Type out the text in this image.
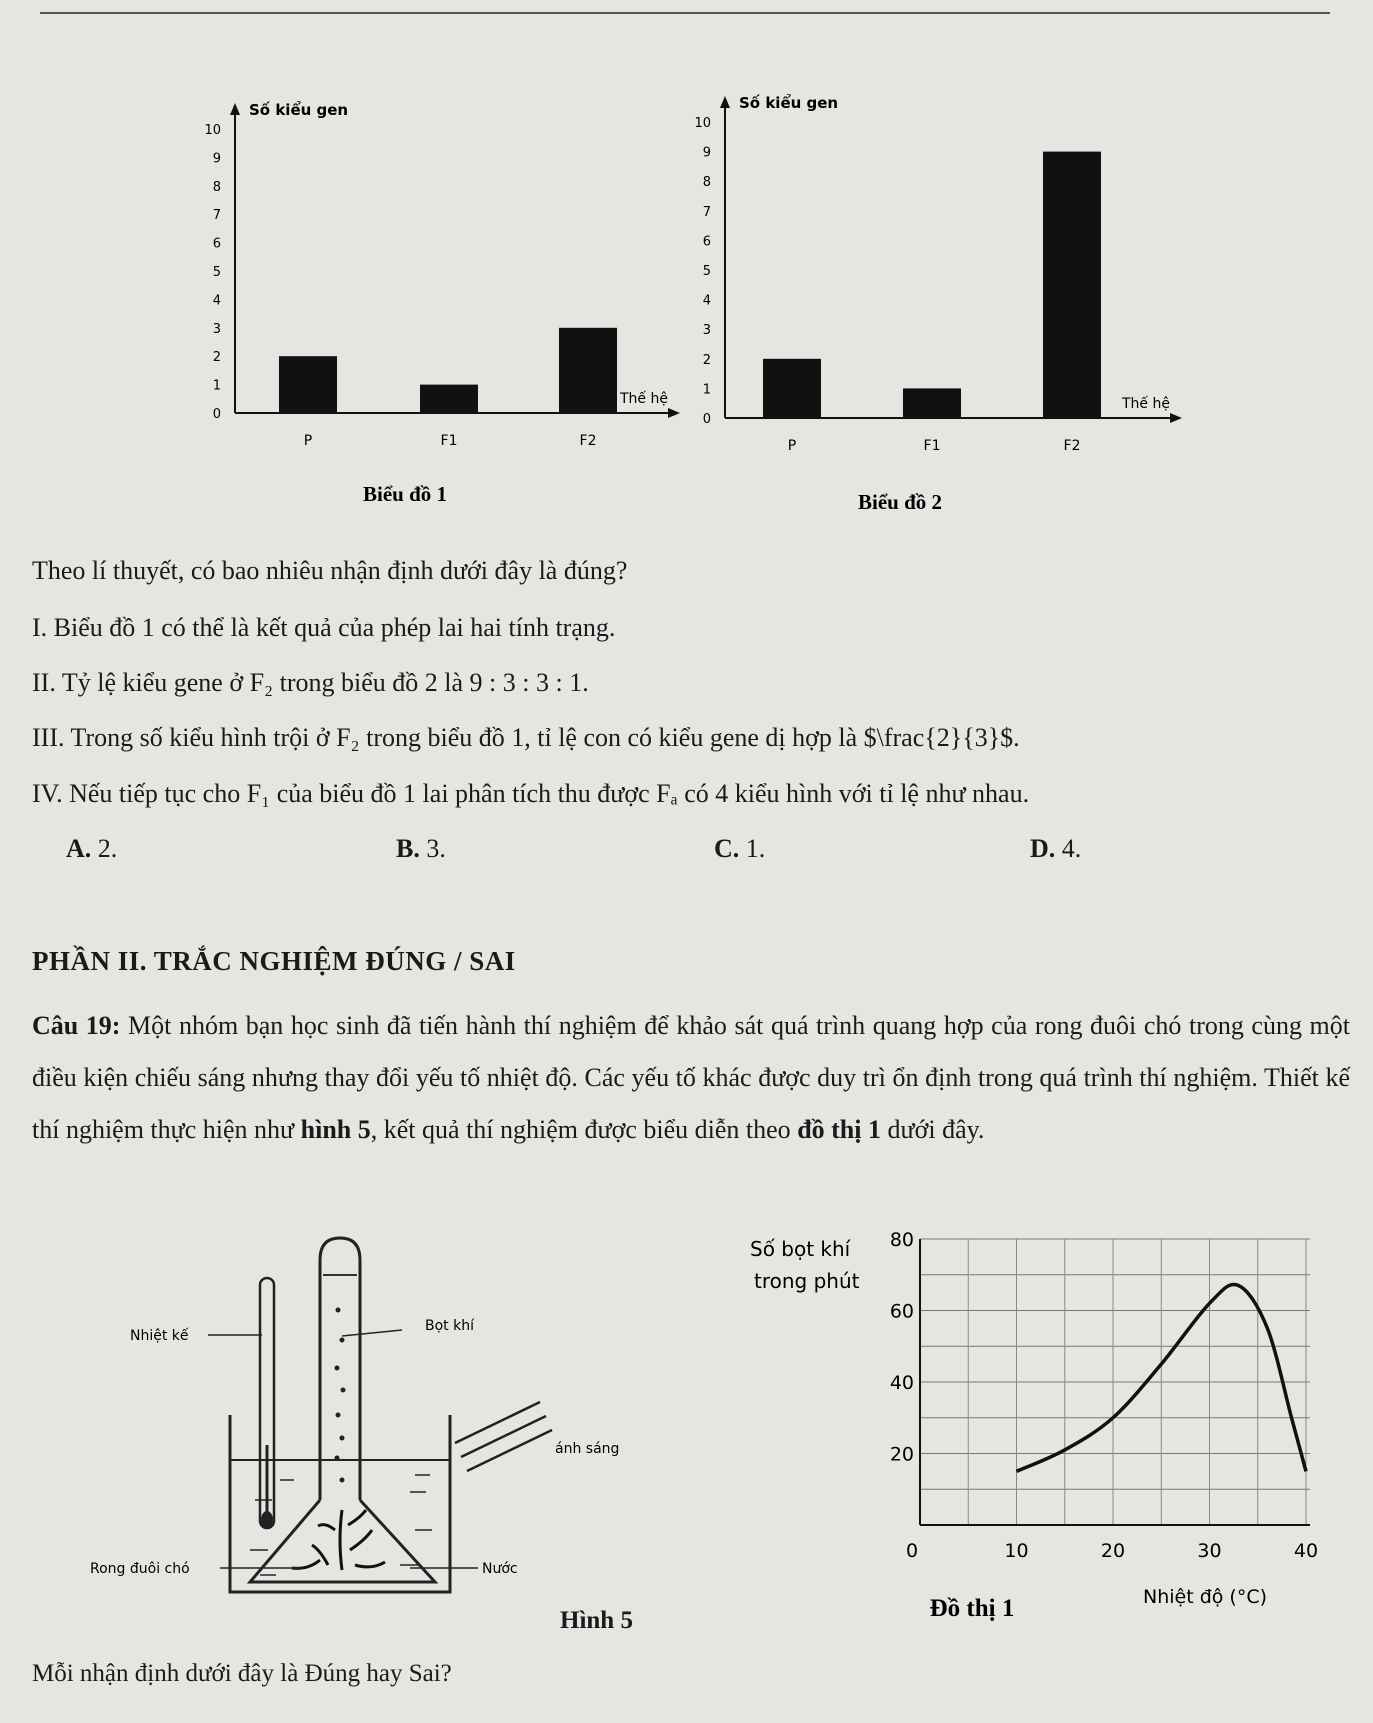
0
1
2
3
4
5
6
7
8
9
10
Số kiểu gen
Thế hệ
P	F1	F2
Biểu đồ 1
0
1
2
3
4
5
6
7
8
9
10
Số kiểu gen
Thế hệ
P	F1	F2
Biểu đồ 2
Theo lí thuyết, có bao nhiêu nhận định dưới đây là đúng?
I. Biểu đồ 1 có thể là kết quả của phép lai hai tính trạng.
II. Tỷ lệ kiểu gene ở F₂ trong biểu đồ 2 là 9 : 3 : 3 : 1.
III. Trong số kiểu hình trội ở F₂ trong biểu đồ 1, tỉ lệ con có kiểu gene dị hợp là $\frac{2}{3}$.
IV. Nếu tiếp tục cho F₁ của biểu đồ 1 lai phân tích thu được Fₐ có 4 kiểu hình với tỉ lệ như nhau.
A. 2.	B. 3.	C. 1.	D. 4.
PHẦN II. TRẮC NGHIỆM ĐÚNG / SAI
Câu 19: Một nhóm bạn học sinh đã tiến hành thí nghiệm để khảo sát quá trình quang hợp của rong đuôi chó trong cùng một điều kiện chiếu sáng nhưng thay đổi yếu tố nhiệt độ. Các yếu tố khác được duy trì ổn định trong quá trình thí nghiệm. Thiết kế thí nghiệm thực hiện như hình 5, kết quả thí nghiệm được biểu diễn theo đồ thị 1 dưới đây.
Nhiệt kế
Bọt khí
ánh sáng
Rong đuôi chó	Nước
Hình 5
20
40
60
80
0	10	20	30	40
Số bọt khí
trong phút
Nhiệt độ (°C)
Đồ thị 1
Mỗi nhận định dưới đây là Đúng hay Sai?
